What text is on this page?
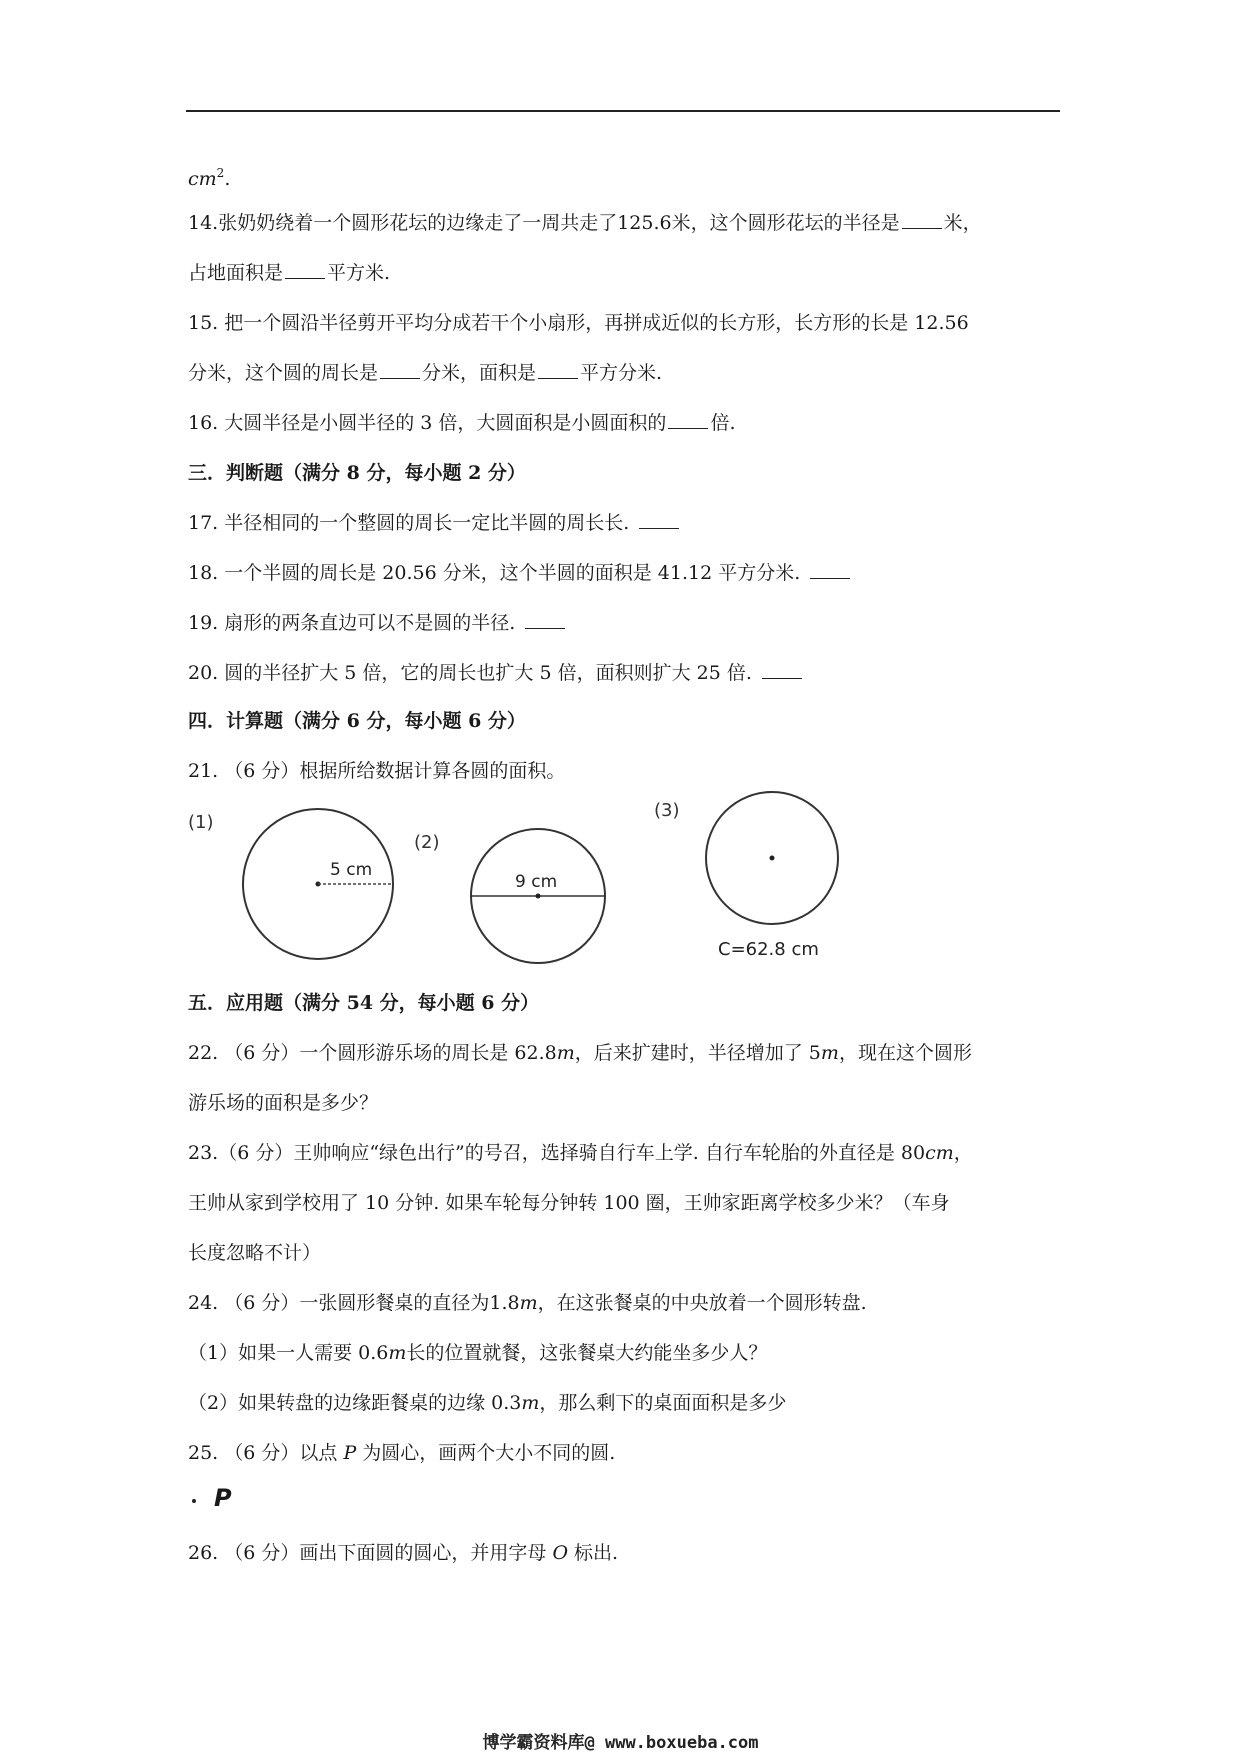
$cm^2$.
14.张奶奶绕着一个圆形花坛的边缘走了一周共走了125.6米，这个圆形花坛的半径是 米，
占地面积是 平方米.
15. 把一个圆沿半径剪开平均分成若干个小扇形，再拼成近似的长方形，长方形的长是 12.56
分米，这个圆的周长是 分米，面积是 平方分米.
16. 大圆半径是小圆半径的 3 倍，大圆面积是小圆面积的 倍.
三．判断题（满分 8 分，每小题 2 分）
17. 半径相同的一个整圆的周长一定比半圆的周长长.
18. 一个半圆的周长是 20.56 分米，这个半圆的面积是 41.12 平方分米.
19. 扇形的两条直边可以不是圆的半径.
20. 圆的半径扩大 5 倍，它的周长也扩大 5 倍，面积则扩大 25 倍.
四．计算题（满分 6 分，每小题 6 分）
21. （6 分）根据所给数据计算各圆的面积。
(1)
(2)
(3)
5 cm
9 cm
C=62.8 cm
五．应用题（满分 54 分，每小题 6 分）
22. （6 分）一个圆形游乐场的周长是 62.8m，后来扩建时，半径增加了 5m，现在这个圆形
游乐场的面积是多少？
23.（6 分）王帅响应“绿色出行”的号召，选择骑自行车上学. 自行车轮胎的外直径是 80cm，
王帅从家到学校用了 10 分钟. 如果车轮每分钟转 100 圈，王帅家距离学校多少米？（车身
长度忽略不计）
24. （6 分）一张圆形餐桌的直径为1.8m，在这张餐桌的中央放着一个圆形转盘.
（1）如果一人需要 0.6m长的位置就餐，这张餐桌大约能坐多少人？
（2）如果转盘的边缘距餐桌的边缘 0.3m，那么剩下的桌面面积是多少
25. （6 分）以点 P 为圆心，画两个大小不同的圆.
P
26. （6 分）画出下面圆的圆心，并用字母 O 标出.
博学霸资料库@ www.boxueba.com
